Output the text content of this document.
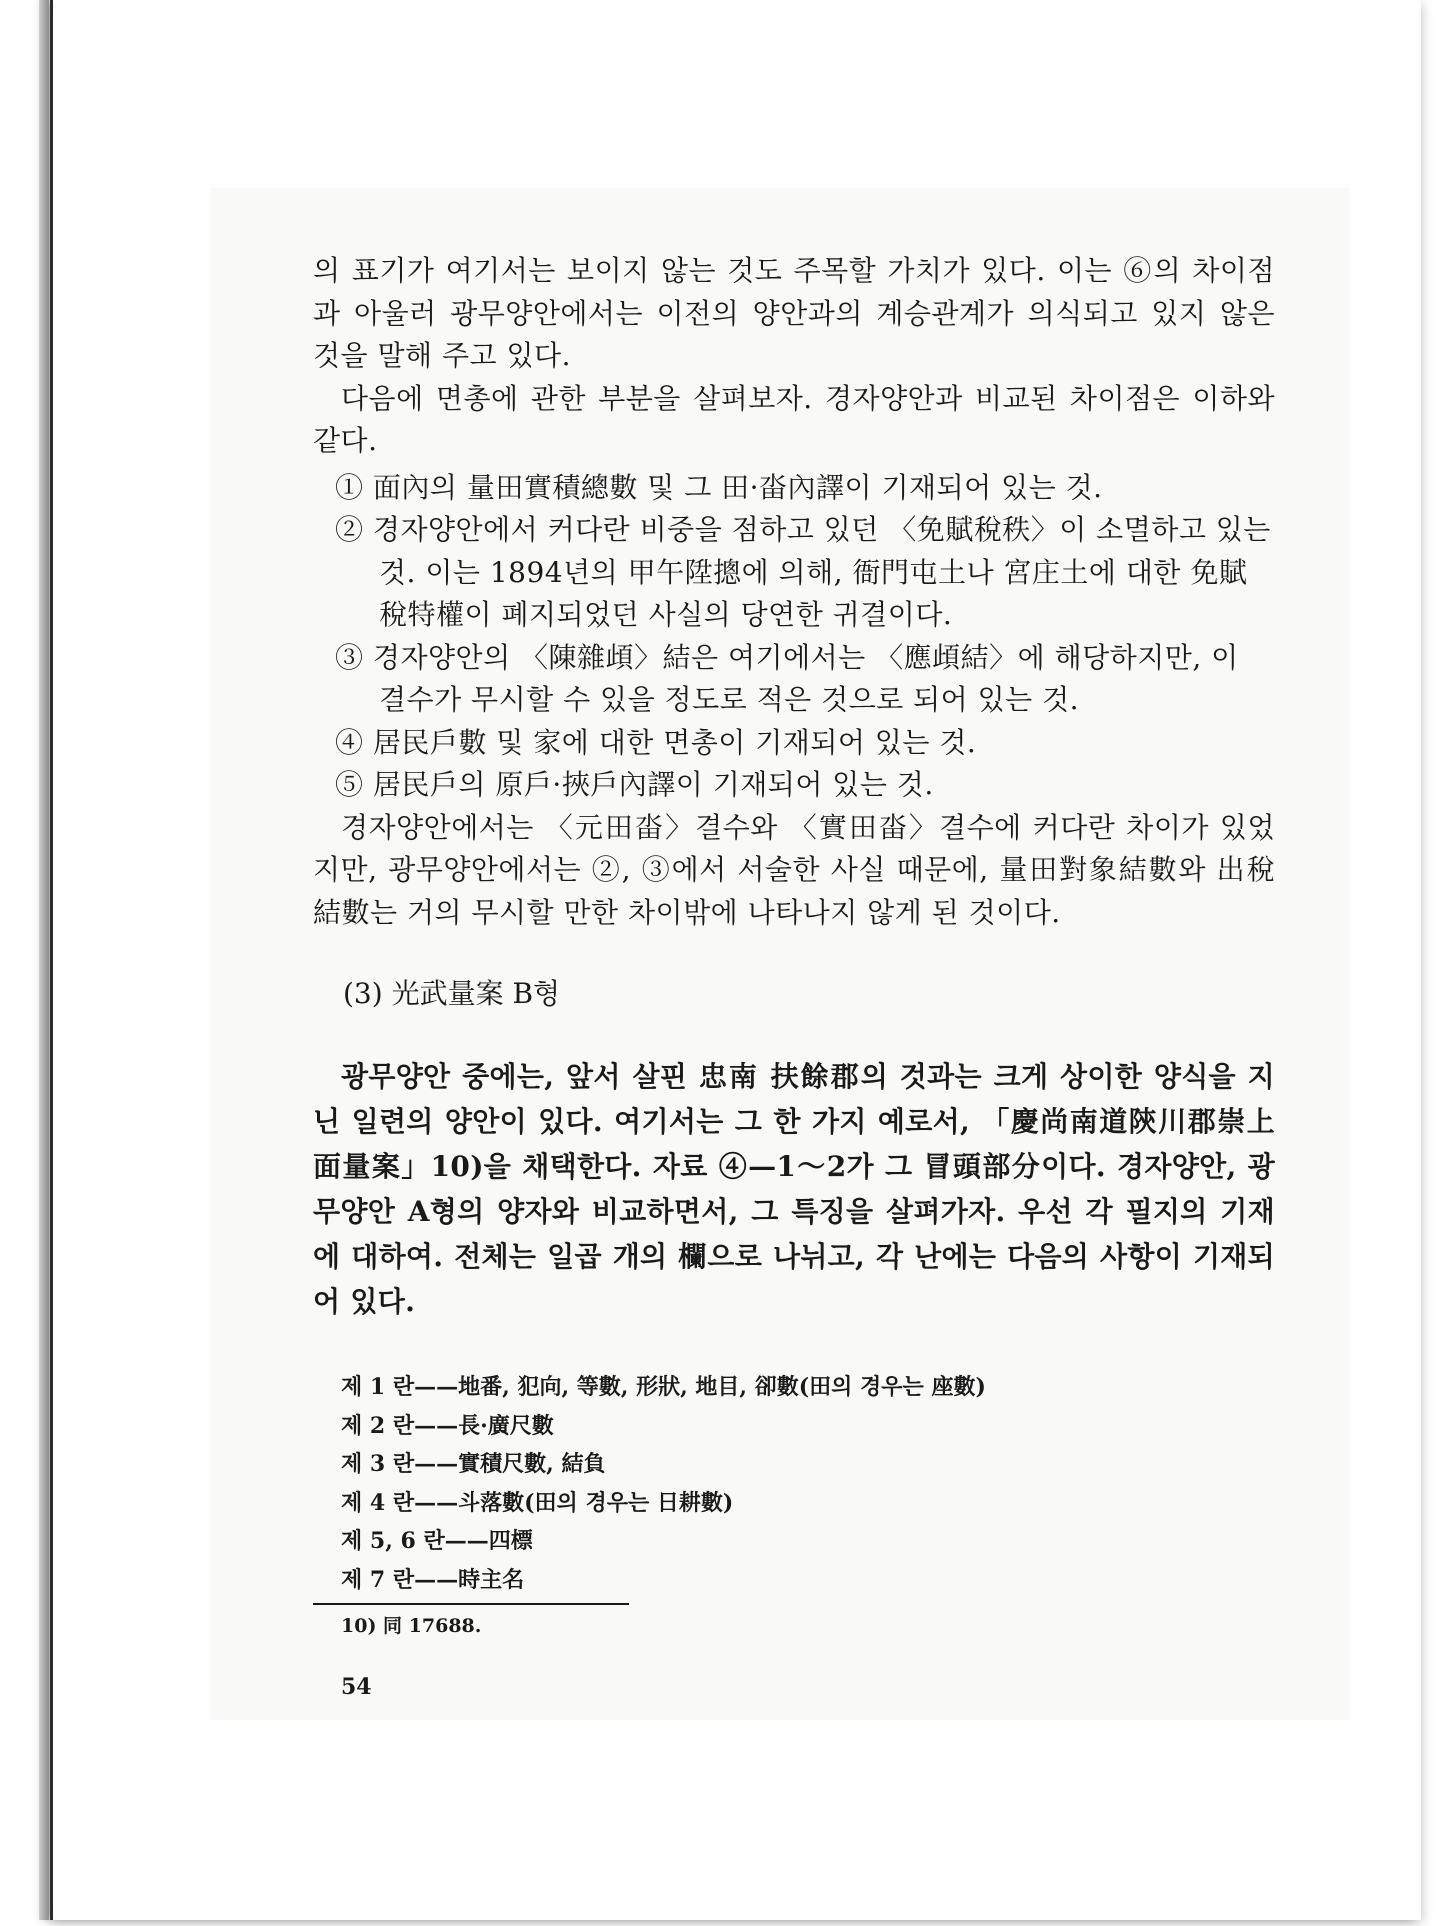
의 표기가 여기서는 보이지 않는 것도 주목할 가치가 있다. 이는 ⑥의 차이점과 아울러 광무양안에서는 이전의 양안과의 계승관계가 의식되고 있지 않은 것을 말해 주고 있다.

다음에 면총에 관한 부분을 살펴보자. 경자양안과 비교된 차이점은 이하와 같다.

① 面內의 量田實積總數 및 그 田·畓內譯이 기재되어 있는 것.
② 경자양안에서 커다란 비중을 점하고 있던 〈免賦稅秩〉이 소멸하고 있는 것. 이는 1894년의 甲午陞摠에 의해, 衙門屯土나 宮庄土에 대한 免賦稅特權이 폐지되었던 사실의 당연한 귀결이다.
③ 경자양안의 〈陳雜頉〉結은 여기에서는 〈應頉結〉에 해당하지만, 이 결수가 무시할 수 있을 정도로 적은 것으로 되어 있는 것.
④ 居民戶數 및 家에 대한 면총이 기재되어 있는 것.
⑤ 居民戶의 原戶·挾戶內譯이 기재되어 있는 것.

경자양안에서는 〈元田畓〉결수와 〈實田畓〉결수에 커다란 차이가 있었지만, 광무양안에서는 ②, ③에서 서술한 사실 때문에, 量田對象結數와 出稅結數는 거의 무시할 만한 차이밖에 나타나지 않게 된 것이다.

(3) 光武量案 B형

광무양안 중에는, 앞서 살핀 忠南 扶餘郡의 것과는 크게 상이한 양식을 지닌 일련의 양안이 있다. 여기서는 그 한 가지 예로서, 「慶尚南道陝川郡崇上面量案」10)을 채택한다. 자료 ④—1～2가 그 冒頭部分이다. 경자양안, 광무양안 A형의 양자와 비교하면서, 그 특징을 살펴가자. 우선 각 필지의 기재에 대하여. 전체는 일곱 개의 欄으로 나뉘고, 각 난에는 다음의 사항이 기재되어 있다.

제 1 란——地番, 犯向, 等數, 形狀, 地目, 卻數(田의 경우는 座數)
제 2 란——長·廣尺數
제 3 란——實積尺數, 結負
제 4 란——斗落數(田의 경우는 日耕數)
제 5, 6 란——四標
제 7 란——時主名
10) 同 17688.
54
